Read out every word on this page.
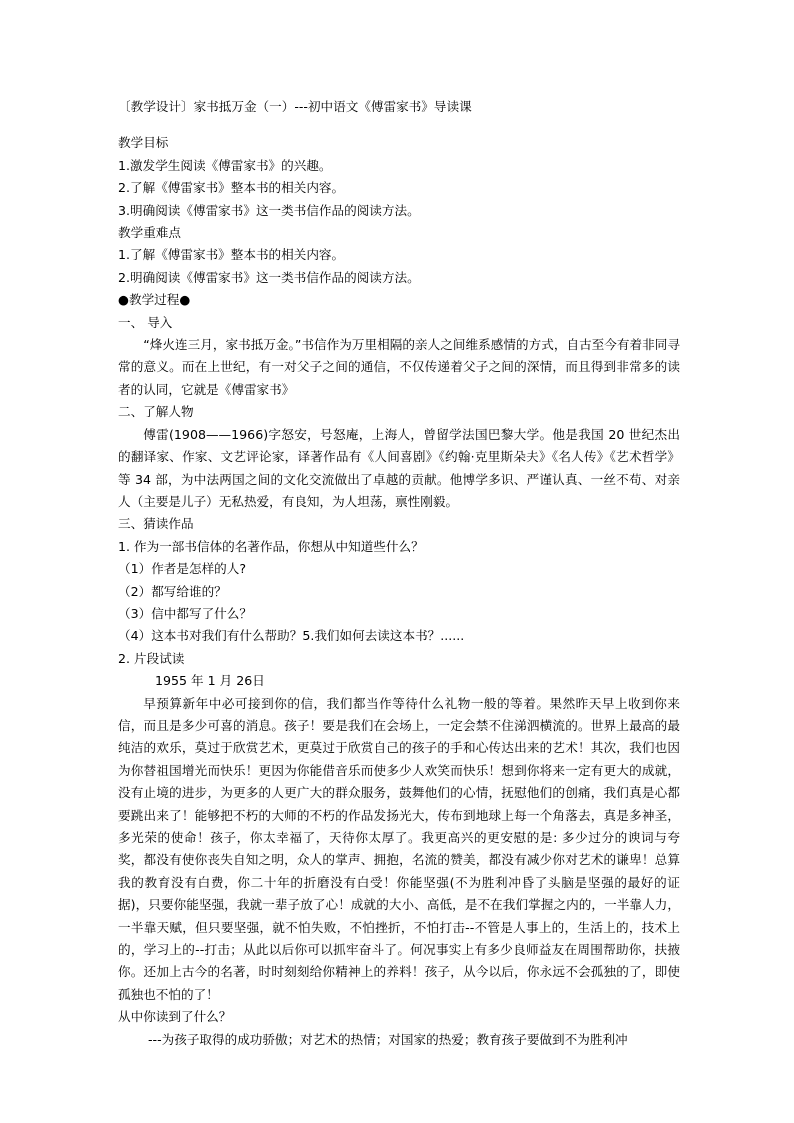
〔教学设计〕家书抵万金（一）---初中语文《傅雷家书》导读课
教学目标
1.激发学生阅读《傅雷家书》的兴趣。
2.了解《傅雷家书》整本书的相关内容。
3.明确阅读《傅雷家书》这一类书信作品的阅读方法。
教学重难点
1.了解《傅雷家书》整本书的相关内容。
2.明确阅读《傅雷家书》这一类书信作品的阅读方法。
●教学过程●
一、 导入
“烽火连三月，家书抵万金。”书信作为万里相隔的亲人之间维系感情的方式，自古至今有着非同寻常的意义。而在上世纪，有一对父子之间的通信，不仅传递着父子之间的深情，而且得到非常多的读者的认同，它就是《傅雷家书》
二、了解人物
傅雷(1908——1966)字怒安，号怒庵，上海人，曾留学法国巴黎大学。他是我国 20 世纪杰出的翻译家、作家、文艺评论家，译著作品有《人间喜剧》《约翰·克里斯朵夫》《名人传》《艺术哲学》等 34 部，为中法两国之间的文化交流做出了卓越的贡献。他博学多识、严谨认真、一丝不苟、对亲人（主要是儿子）无私热爱，有良知，为人坦荡，禀性刚毅。
三、猜读作品
1. 作为一部书信体的名著作品，你想从中知道些什么？
（1）作者是怎样的人?
（2）都写给谁的？
（3）信中都写了什么？
（4）这本书对我们有什么帮助？5.我们如何去读这本书？......
2. 片段试读
1955 年 1 月 26日
早预算新年中必可接到你的信，我们都当作等待什么礼物一般的等着。果然昨天早上收到你来信，而且是多少可喜的消息。孩子！要是我们在会场上，一定会禁不住涕泗横流的。世界上最高的最纯洁的欢乐，莫过于欣赏艺术，更莫过于欣赏自己的孩子的手和心传达出来的艺术！其次，我们也因为你替祖国增光而快乐！更因为你能借音乐而使多少人欢笑而快乐！想到你将来一定有更大的成就，没有止境的进步，为更多的人更广大的群众服务，鼓舞他们的心情，抚慰他们的创痛，我们真是心都要跳出来了！能够把不朽的大师的不朽的作品发扬光大，传布到地球上每一个角落去，真是多神圣，多光荣的使命！孩子，你太幸福了，天待你太厚了。我更高兴的更安慰的是: 多少过分的谀词与夸奖，都没有使你丧失自知之明，众人的掌声、拥抱，名流的赞美，都没有减少你对艺术的谦卑！总算我的教育没有白费，你二十年的折磨没有白受！你能坚强(不为胜利冲昏了头脑是坚强的最好的证据)，只要你能坚强，我就一辈子放了心！成就的大小、高低，是不在我们掌握之内的，一半靠人力，一半靠天赋，但只要坚强，就不怕失败，不怕挫折，不怕打击--不管是人事上的，生活上的，技术上的，学习上的--打击；从此以后你可以抓牢奋斗了。何况事实上有多少良师益友在周围帮助你，扶掖你。还加上古今的名著，时时刻刻给你精神上的养料！孩子，从今以后，你永远不会孤独的了，即使孤独也不怕的了！
从中你读到了什么？
---为孩子取得的成功骄傲；对艺术的热情；对国家的热爱；教育孩子要做到不为胜利冲
